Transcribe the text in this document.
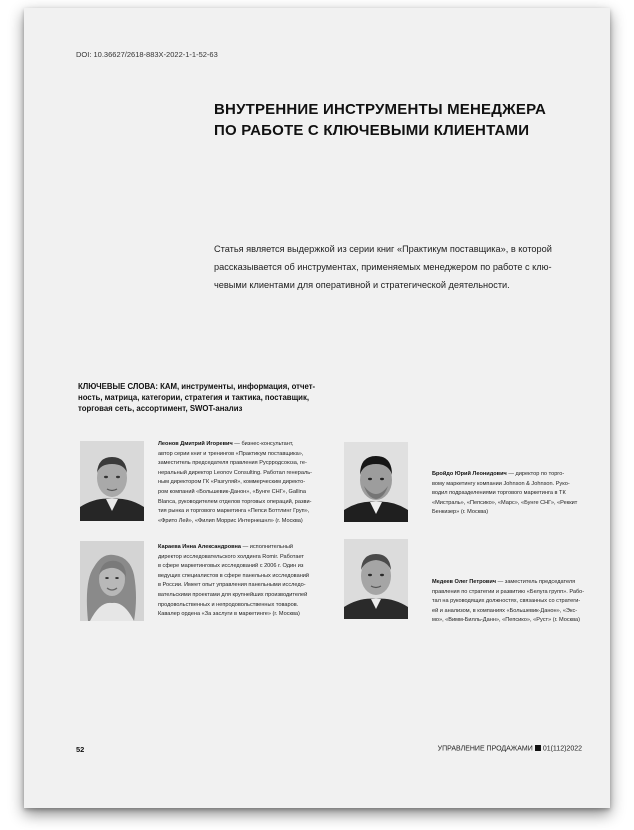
DOI: 10.36627/2618-883X-2022-1-1-52-63
ВНУТРЕННИЕ ИНСТРУМЕНТЫ МЕНЕДЖЕРА
ПО РАБОТЕ С КЛЮЧЕВЫМИ КЛИЕНТАМИ
Статья является выдержкой из серии книг «Практикум поставщика», в которой
рассказывается об инструментах, применяемых менеджером по работе с клю-
чевыми клиентами для оперативной и стратегической деятельности.
КЛЮЧЕВЫЕ СЛОВА: КАМ, инструменты, информация, отчет-
ность, матрица, категории, стратегия и тактика, поставщик,
торговая сеть, ассортимент, SWOT-анализ
Леонов Дмитрий Игоревич — бизнес-консультант,
автор серии книг и тренингов «Практикум поставщика»,
заместитель председателя правления Русpродсоюза, ге-
неральный директор Leonov Consulting. Работал генераль-
ным директором ГК «Разгуляй», коммерческим директо-
ром компаний «Большевик-Данон», «Бунге СНГ», Gallina
Blanca, руководителем отделов торговых операций, разви-
тия рынка и торгового маркетинга «Пепси Боттлинг Груп»,
«Фрито Лей», «Филип Моррис Интернешнл» (г. Москва)
Бройдо Юрий Леонидович — директор по торго-
вому маркетингу компании Johnson & Johnson. Руко-
водил подразделениями торгового маркетинга в ТК
«Мистраль», «Пепсико», «Марс», «Бунге СНГ», «Реккит
Бенкизер» (г. Москва)
Караева Инна Александровна — исполнительный
директор исследовательского холдинга Romir. Работает
в сфере маркетинговых исследований с 2006 г. Один из
ведущих специалистов в сфере панельных исследований
в России. Имеет опыт управления панельными исследо-
вательскими проектами для крупнейших производителей
продовольственных и непродовольственных товаров.
Кавалер ордена «За заслуги в маркетинге» (г. Москва)
Медеев Олег Петрович — заместитель председателя
правления по стратегии и развитию «Белуга групп». Рабо-
тал на руководящих должностях, связанных со стратеги-
ей и анализом, в компаниях «Большевик-Данон», «Экс-
мо», «Вимм-Билль-Данн», «Пепсико», «Руст» (г. Москва)
52	УПРАВЛЕНИЕ ПРОДАЖАМИ 01(112)2022
